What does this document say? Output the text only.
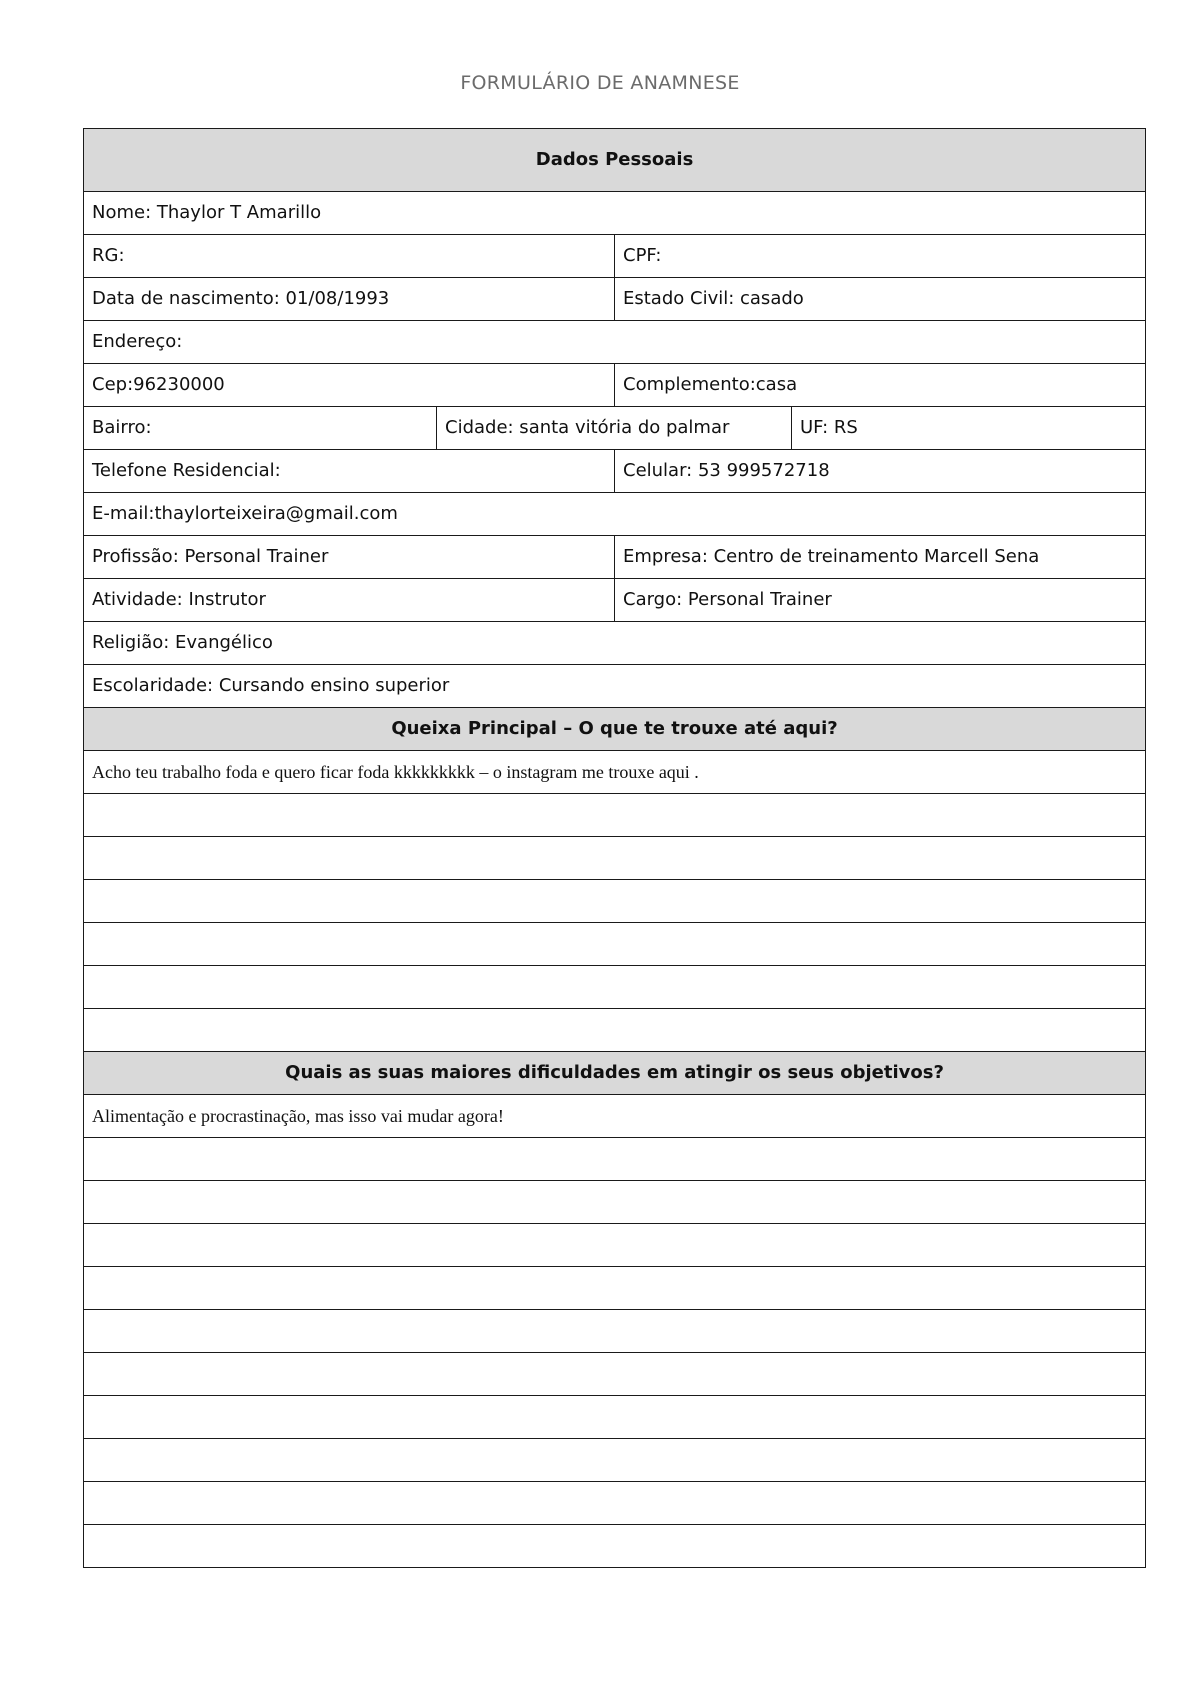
FORMULÁRIO DE ANAMNESE
Dados Pessoais			
Nome: Thaylor T Amarillo			
RG:		CPF:	
Data de nascimento: 01/08/1993		Estado Civil: casado	
Endereço:			
Cep:96230000		Complemento:casa	
Bairro:	Cidade: santa vitória do palmar		UF: RS
Telefone Residencial:		Celular: 53 999572718	
E-mail:thaylorteixeira@gmail.com			
Profissão: Personal Trainer		Empresa: Centro de treinamento Marcell Sena	
Atividade: Instrutor		Cargo: Personal Trainer	
Religião: Evangélico			
Escolaridade: Cursando ensino superior			
Queixa Principal – O que te trouxe até aqui?			
Acho teu trabalho foda e quero ficar foda kkkkkkkkk – o instagram me trouxe aqui .			

Quais as suas maiores dificuldades em atingir os seus objetivos?			
Alimentação e procrastinação, mas isso vai mudar agora!			
